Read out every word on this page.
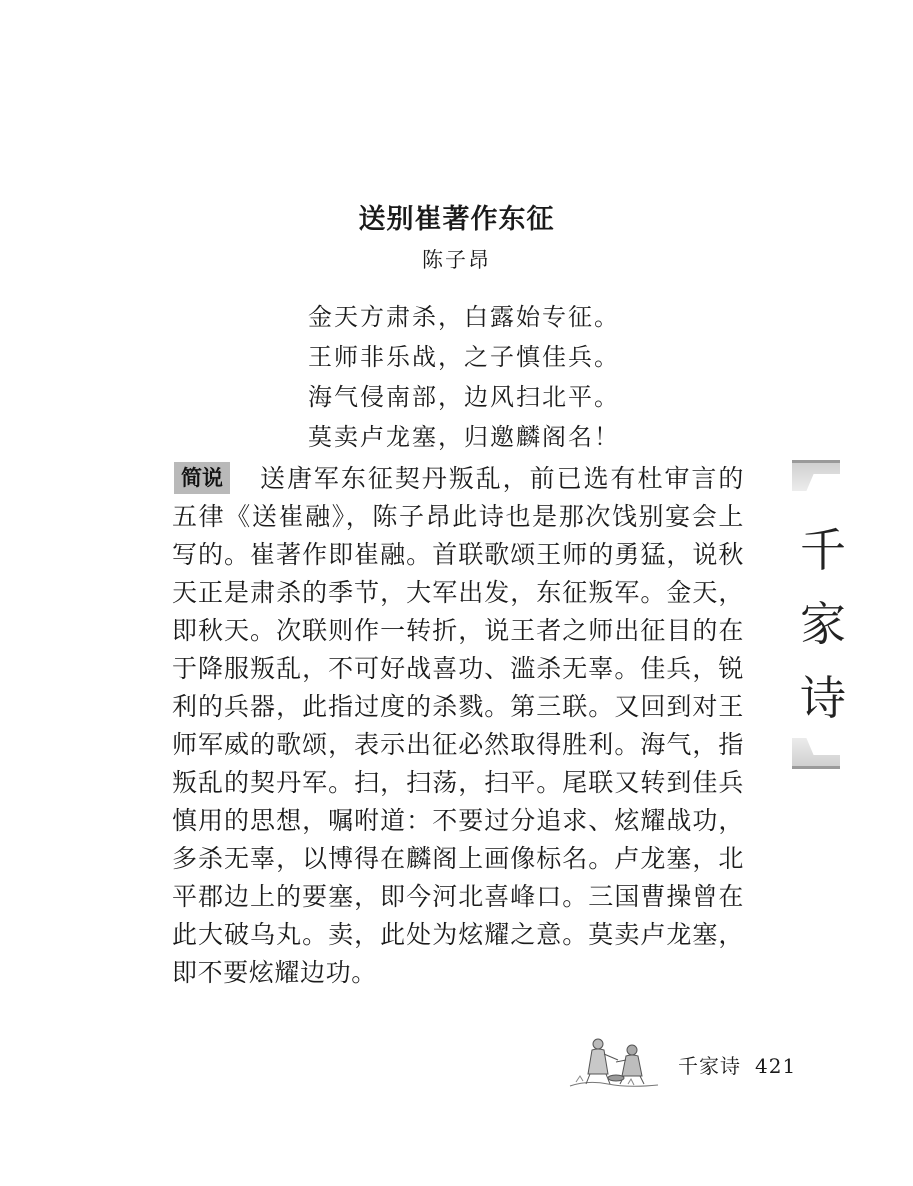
送别崔著作东征
陈子昂
金天方肃杀，白露始专征。
王师非乐战，之子慎佳兵。
海气侵南部，边风扫北平。
莫卖卢龙塞，归邀麟阁名！
简说	送唐军东征契丹叛乱，前已选有杜审言的五律《送崔融》，陈子昂此诗也是那次饯别宴会上写的。崔著作即崔融。首联歌颂王师的勇猛，说秋天正是肃杀的季节，大军出发，东征叛军。金天，即秋天。次联则作一转折，说王者之师出征目的在于降服叛乱，不可好战喜功、滥杀无辜。佳兵，锐利的兵器，此指过度的杀戮。第三联。又回到对王师军威的歌颂，表示出征必然取得胜利。海气，指叛乱的契丹军。扫，扫荡，扫平。尾联又转到佳兵慎用的思想，嘱咐道：不要过分追求、炫耀战功，多杀无辜，以博得在麟阁上画像标名。卢龙塞，北平郡边上的要塞，即今河北喜峰口。三国曹操曾在此大破乌丸。卖，此处为炫耀之意。莫卖卢龙塞，即不要炫耀边功。
千
家
诗
千家诗 421
